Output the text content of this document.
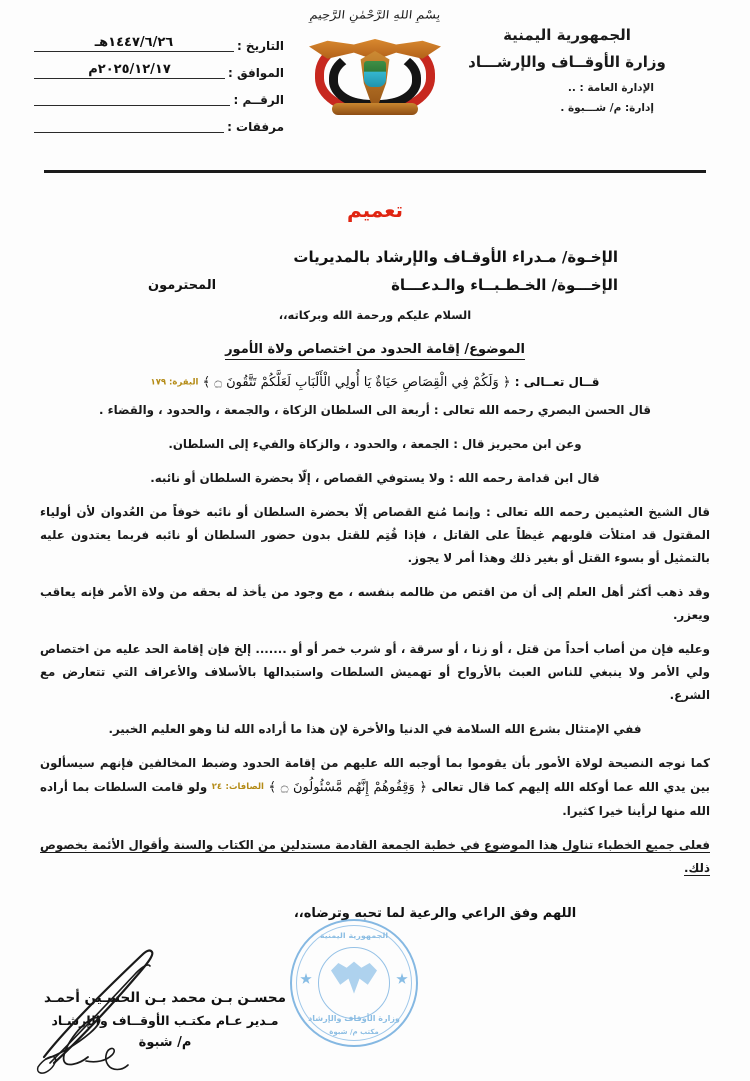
الجمهورية اليمنية
وزارة الأوقــاف والإرشـــاد
الإدارة العامة : ..
إدارة: م/ شـــبوة .
بِسْمِ اللهِ الرَّحْمٰنِ الرَّحِيمِ
التاريخ :
١٤٤٧/٦/٢٦هـ
الموافق :
٢٠٢٥/١٢/١٧م
الرقــم :
مرفقات :
تعميم
الإخـوة/ مـدراء الأوقـاف والإرشاد بالمديريات
الإخـــوة/ الخـطـبــاء والـدعـــاة
المحترمون
السلام عليكم ورحمة الله وبركاته،،
الموضوع/ إقامة الحدود من اختصاص ولاة الأمور
قــال تعــالى : ﴿ وَلَكُمْ فِي الْقِصَاصِ حَيَاةٌ يَا أُولِي الْأَلْبَابِ لَعَلَّكُمْ تَتَّقُونَ ۝ ﴾ البقرة: ١٧٩

قال الحسن البصري رحمه الله تعالى : أربعة الى السلطان الزكاة ، والجمعة ، والحدود ، والقضاء .

وعن ابن محيريز قال : الجمعة ، والحدود ، والزكاة والفيء إلى السلطان.

قال ابن قدامة رحمه الله : ولا يستوفي القصاص ، إلّا بحضرة السلطان أو نائبه.

قال الشيخ العثيمين رحمه الله تعالى : وإنما مُنع القصاص إلّا بحضرة السلطان أو نائبه خوفاً من العُدوان لأن أولياء المقتول قد امتلأت قلوبهم غيظاً على القاتل ، فإذا قُتِم للقتل بدون حضور السلطان أو نائبه فربما يعتدون عليه بالتمثيل أو بسوء القتل أو بغير ذلك وهذا أمر لا يجوز.

وقد ذهب أكثر أهل العلم إلى أن من اقتص من ظالمه بنفسه ، مع وجود من يأخذ له بحقه من ولاة الأمر فإنه يعاقب ويعزر.

وعليه فإن من أصاب أحداً من قتل ، أو زنا ، أو سرقة ، أو شرب خمر أو أو ....... إلخ فإن إقامة الحد عليه من اختصاص ولي الأمر ولا ينبغي للناس العبث بالأرواح أو تهميش السلطات واستبدالها بالأسلاف والأعراف التي تتعارض مع الشرع.

ففي الإمتثال بشرع الله السلامة في الدنيا والأخرة لإن هذا ما أراده الله لنا وهو العليم الخبير.

كما نوجه النصيحة لولاة الأمور بأن يقوموا بما أوجبه الله عليهم من إقامة الحدود وضبط المخالفين فإنهم سيسألون بين يدي الله عما أوكله الله إليهم كما قال تعالى ﴿ وَقِفُوهُمْ إِنَّهُم مَّسْئُولُونَ ۝ ﴾ الصافات: ٢٤ ولو قامت السلطات بما أراده الله منها لرأينا خيرا كثيرا.

فعلى جميع الخطباء تناول هذا الموضوع في خطبة الجمعة القادمة مستدلين من الكتاب والسنة وأقوال الأئمة بخصوص ذلك.

اللهم وفق الراعي والرعية لما تحبه وترضاه،،
محسـن بـن محمد بـن الحسـين أحمـد
مـدير عـام مكتـب الأوقــاف والإرشـاد
م/ شبوة
الجمهورية اليمنية
وزارة الأوقاف والإرشاد
مكتب م/ شبوة
